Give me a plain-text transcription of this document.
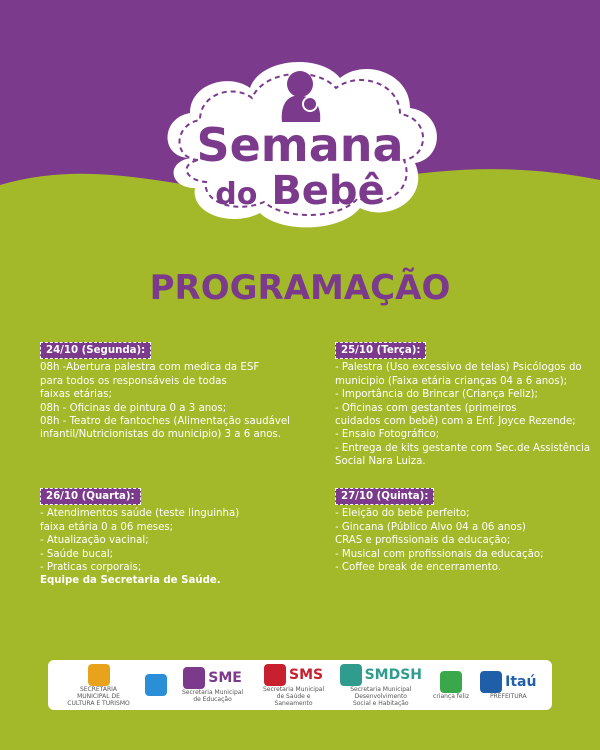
Semana
do Bebê
PROGRAMAÇÃO
24/10 (Segunda):
08h -Abertura palestra com medica da ESF
para todos os responsáveis de todas
faixas etárias;
08h - Oficinas de pintura 0 a 3 anos;
08h - Teatro de fantoches (Alimentação saudável
infantil/Nutricionistas do municipio) 3 a 6 anos.
25/10 (Terça):
- Palestra (Uso excessivo de telas) Psicólogos do
municipio (Faixa etária crianças 04 a 6 anos);
- Importância do Brincar (Criança Feliz);
- Oficinas com gestantes (primeiros
cuidados com bebê) com a Enf. Joyce Rezende;
- Ensaio Fotográfico;
- Entrega de kits gestante com Sec.de Assistência
Social Nara Luiza.
26/10 (Quarta):
- Atendimentos saúde (teste linguinha)
faixa etária 0 a 06 meses;
- Atualização vacinal;
- Saúde bucal;
- Praticas corporais;
Equipe da Secretaria de Saúde.
27/10 (Quinta):
- Eleição do bebê perfeito;
- Gincana (Público Alvo 04 a 06 anos)
CRAS e profissionais da educação;
- Musical com profissionais da educação;
- Coffee break de encerramento.
SECRETARIA MUNICIPAL DE CULTURA E TURISMO
SME
Secretaria Municipal de Educação
SMS
Secretaria Municipal de Saúde e Saneamento
SMDSH
Secretaria Municipal Desenvolvimento Social e Habitação
criança feliz
Itaú
PREFEITURA
